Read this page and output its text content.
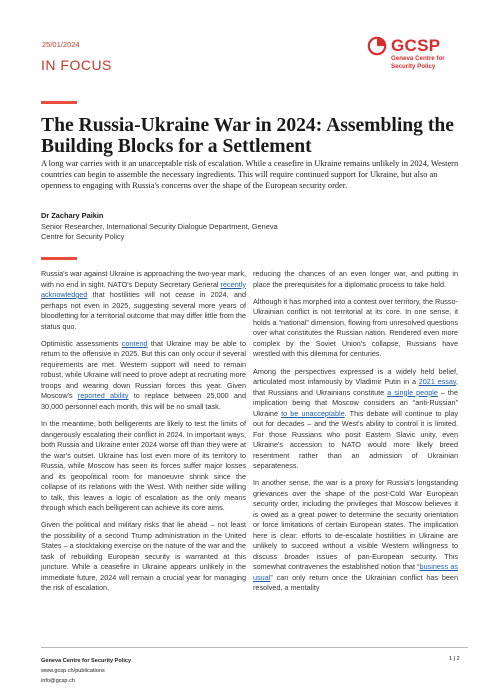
25/01/2024
IN FOCUS
GCSP
Geneva Centre for
Security Policy
The Russia-Ukraine War in 2024: Assembling the Building Blocks for a Settlement

A long war carries with it an unacceptable risk of escalation. While a ceasefire in Ukraine remains unlikely in 2024, Western countries can begin to assemble the necessary ingredients. This will require continued support for Ukraine, but also an openness to engaging with Russia's concerns over the shape of the European security order.

Dr Zachary Paikin
Senior Researcher, International Security Dialogue Department, Geneva Centre for Security Policy

Russia's war against Ukraine is approaching the two-year mark, with no end in sight. NATO's Deputy Secretary General recently acknowledged that hostilities will not cease in 2024, and perhaps not even in 2025, suggesting several more years of bloodletting for a territorial outcome that may differ little from the status quo.

Optimistic assessments contend that Ukraine may be able to return to the offensive in 2025. But this can only occur if several requirements are met. Western support will need to remain robust, while Ukraine will need to prove adept at recruiting more troops and wearing down Russian forces this year. Given Moscow's reported ability to replace between 25,000 and 30,000 personnel each month, this will be no small task.

In the meantime, both belligerents are likely to test the limits of dangerously escalating their conflict in 2024. In important ways, both Russia and Ukraine enter 2024 worse off than they were at the war's outset. Ukraine has lost even more of its territory to Russia, while Moscow has seen its forces suffer major losses and its geopolitical room for manoeuvre shrink since the collapse of its relations with the West. With neither side willing to talk, this leaves a logic of escalation as the only means through which each belligerent can achieve its core aims.

Given the political and military risks that lie ahead – not least the possibility of a second Trump administration in the United States – a stocktaking exercise on the nature of the war and the task of rebuilding European security is warranted at this juncture. While a ceasefire in Ukraine appears unlikely in the immediate future, 2024 will remain a crucial year for managing the risk of escalation,

reducing the chances of an even longer war, and putting in place the prerequisites for a diplomatic process to take hold.

Although it has morphed into a contest over territory, the Russo-Ukrainian conflict is not territorial at its core. In one sense, it holds a “national” dimension, flowing from unresolved questions over what constitutes the Russian nation. Rendered even more complex by the Soviet Union's collapse, Russians have wrestled with this dilemma for centuries.

Among the perspectives expressed is a widely held belief, articulated most infamously by Vladimir Putin in a 2021 essay, that Russians and Ukrainians constitute a single people – the implication being that Moscow considers an “anti-Russian” Ukraine to be unacceptable. This debate will continue to play out for decades – and the West's ability to control it is limited. For those Russians who posit Eastern Slavic unity, even Ukraine's accession to NATO would more likely breed resentment rather than an admission of Ukrainian separateness.

In another sense, the war is a proxy for Russia's longstanding grievances over the shape of the post-Cold War European security order, including the privileges that Moscow believes it is owed as a great power to determine the security orientation or force limitations of certain European states. The implication here is clear: efforts to de-escalate hostilities in Ukraine are unlikely to succeed without a visible Western willingness to discuss broader issues of pan-European security. This somewhat contravenes the established notion that “business as usual” can only return once the Ukrainian conflict has been resolved, a mentality

Geneva Centre for Security Policy
www.gcsp.ch/publications
info@gcsp.ch
1 | 2
